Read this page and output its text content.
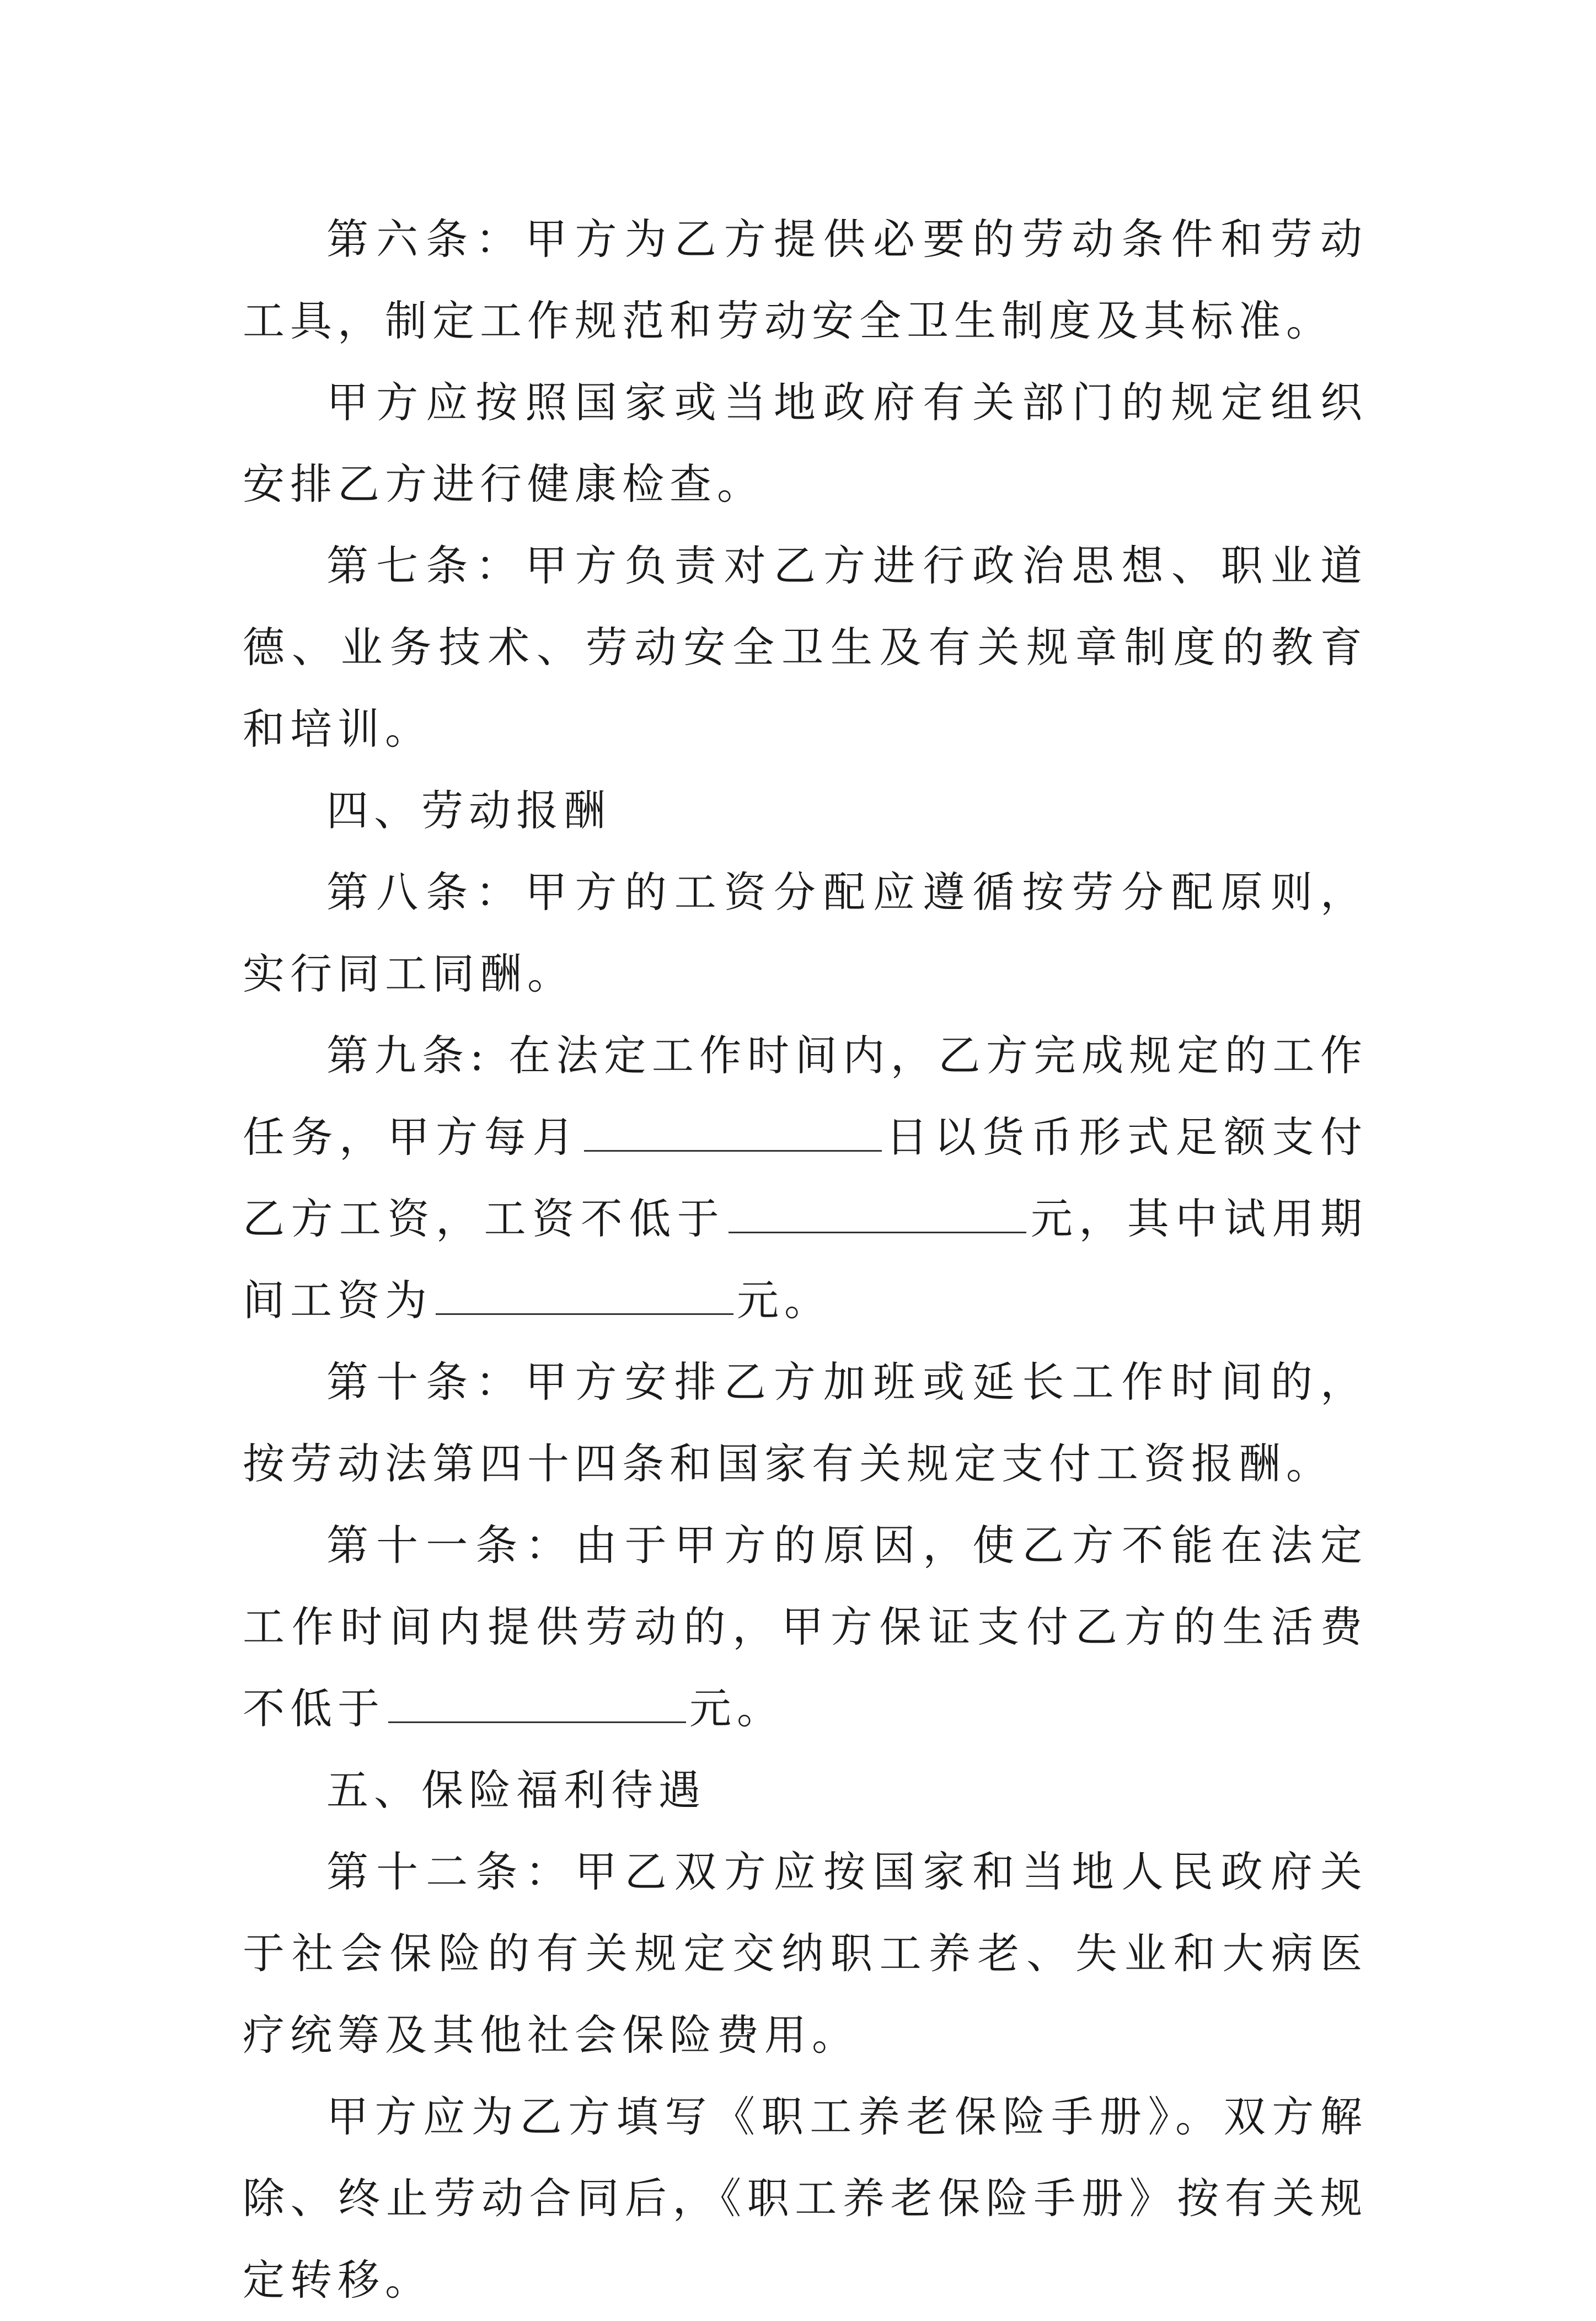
第六条：甲方为乙方提供必要的劳动条件和劳动工具，制定工作规范和劳动安全卫生制度及其标准。

甲方应按照国家或当地政府有关部门的规定组织安排乙方进行健康检查。

第七条：甲方负责对乙方进行政治思想、职业道德、业务技术、劳动安全卫生及有关规章制度的教育和培训。

四、劳动报酬

第八条：甲方的工资分配应遵循按劳分配原则，实行同工同酬。

第九条: 在法定工作时间内，乙方完成规定的工作任务，甲方每月	日以货币形式足额支付乙方工资，工资不低于	元，其中试用期间工资为	元。

第十条：甲方安排乙方加班或延长工作时间的，按劳动法第四十四条和国家有关规定支付工资报酬。

第十一条：由于甲方的原因，使乙方不能在法定工作时间内提供劳动的，甲方保证支付乙方的生活费不低于	元。

五、保险福利待遇

第十二条：甲乙双方应按国家和当地人民政府关于社会保险的有关规定交纳职工养老、失业和大病医疗统筹及其他社会保险费用。

甲方应为乙方填写《职工养老保险手册》。双方解除、终止劳动合同后，《职工养老保险手册》按有关规定转移。
